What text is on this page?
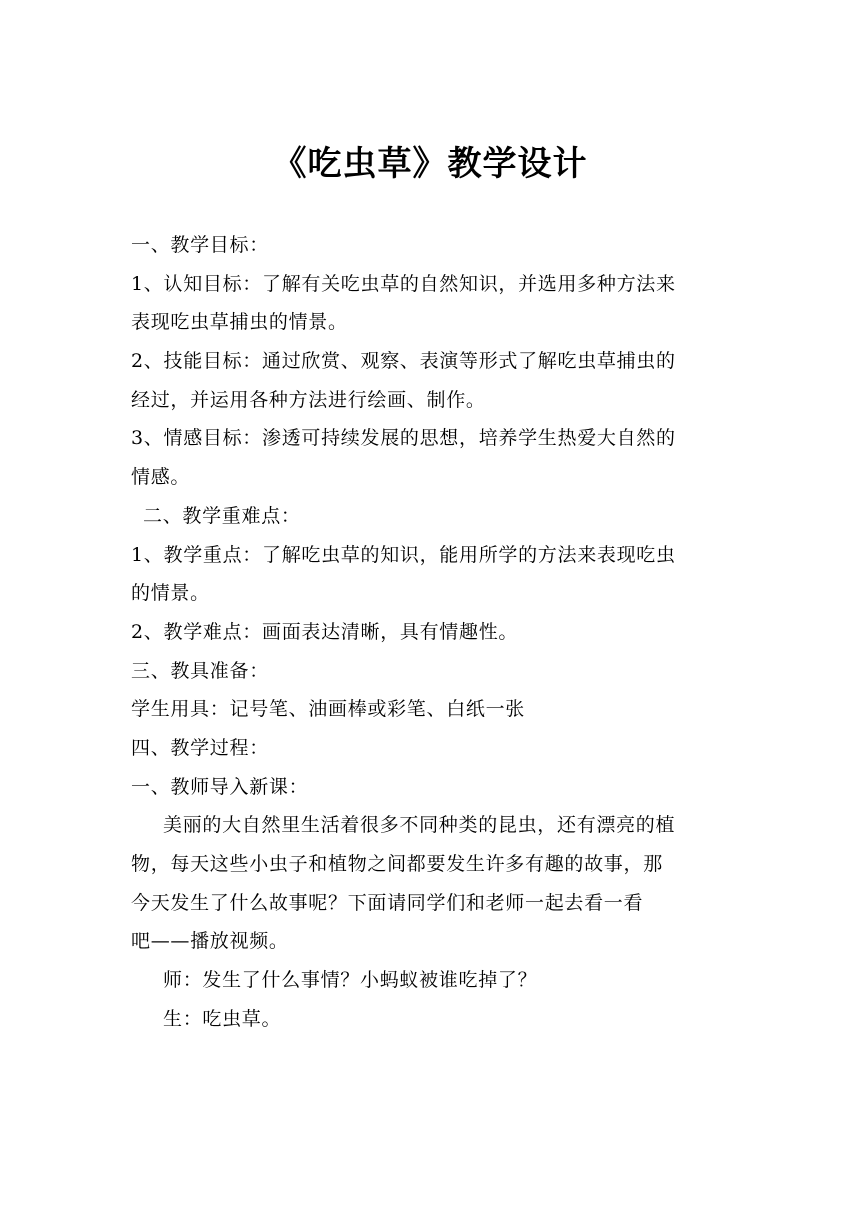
《吃虫草》教学设计
一、教学目标：
1、认知目标：了解有关吃虫草的自然知识，并选用多种方法来
表现吃虫草捕虫的情景。
2、技能目标：通过欣赏、观察、表演等形式了解吃虫草捕虫的
经过，并运用各种方法进行绘画、制作。
3、情感目标：渗透可持续发展的思想，培养学生热爱大自然的
情感。
二、教学重难点：
1、教学重点：了解吃虫草的知识，能用所学的方法来表现吃虫
的情景。
2、教学难点：画面表达清晰，具有情趣性。
三、教具准备：
学生用具：记号笔、油画棒或彩笔、白纸一张
四、教学过程：
一、教师导入新课：
美丽的大自然里生活着很多不同种类的昆虫，还有漂亮的植
物，每天这些小虫子和植物之间都要发生许多有趣的故事，那
今天发生了什么故事呢？下面请同学们和老师一起去看一看
吧——播放视频。
师：发生了什么事情？小蚂蚁被谁吃掉了？
生：吃虫草。
